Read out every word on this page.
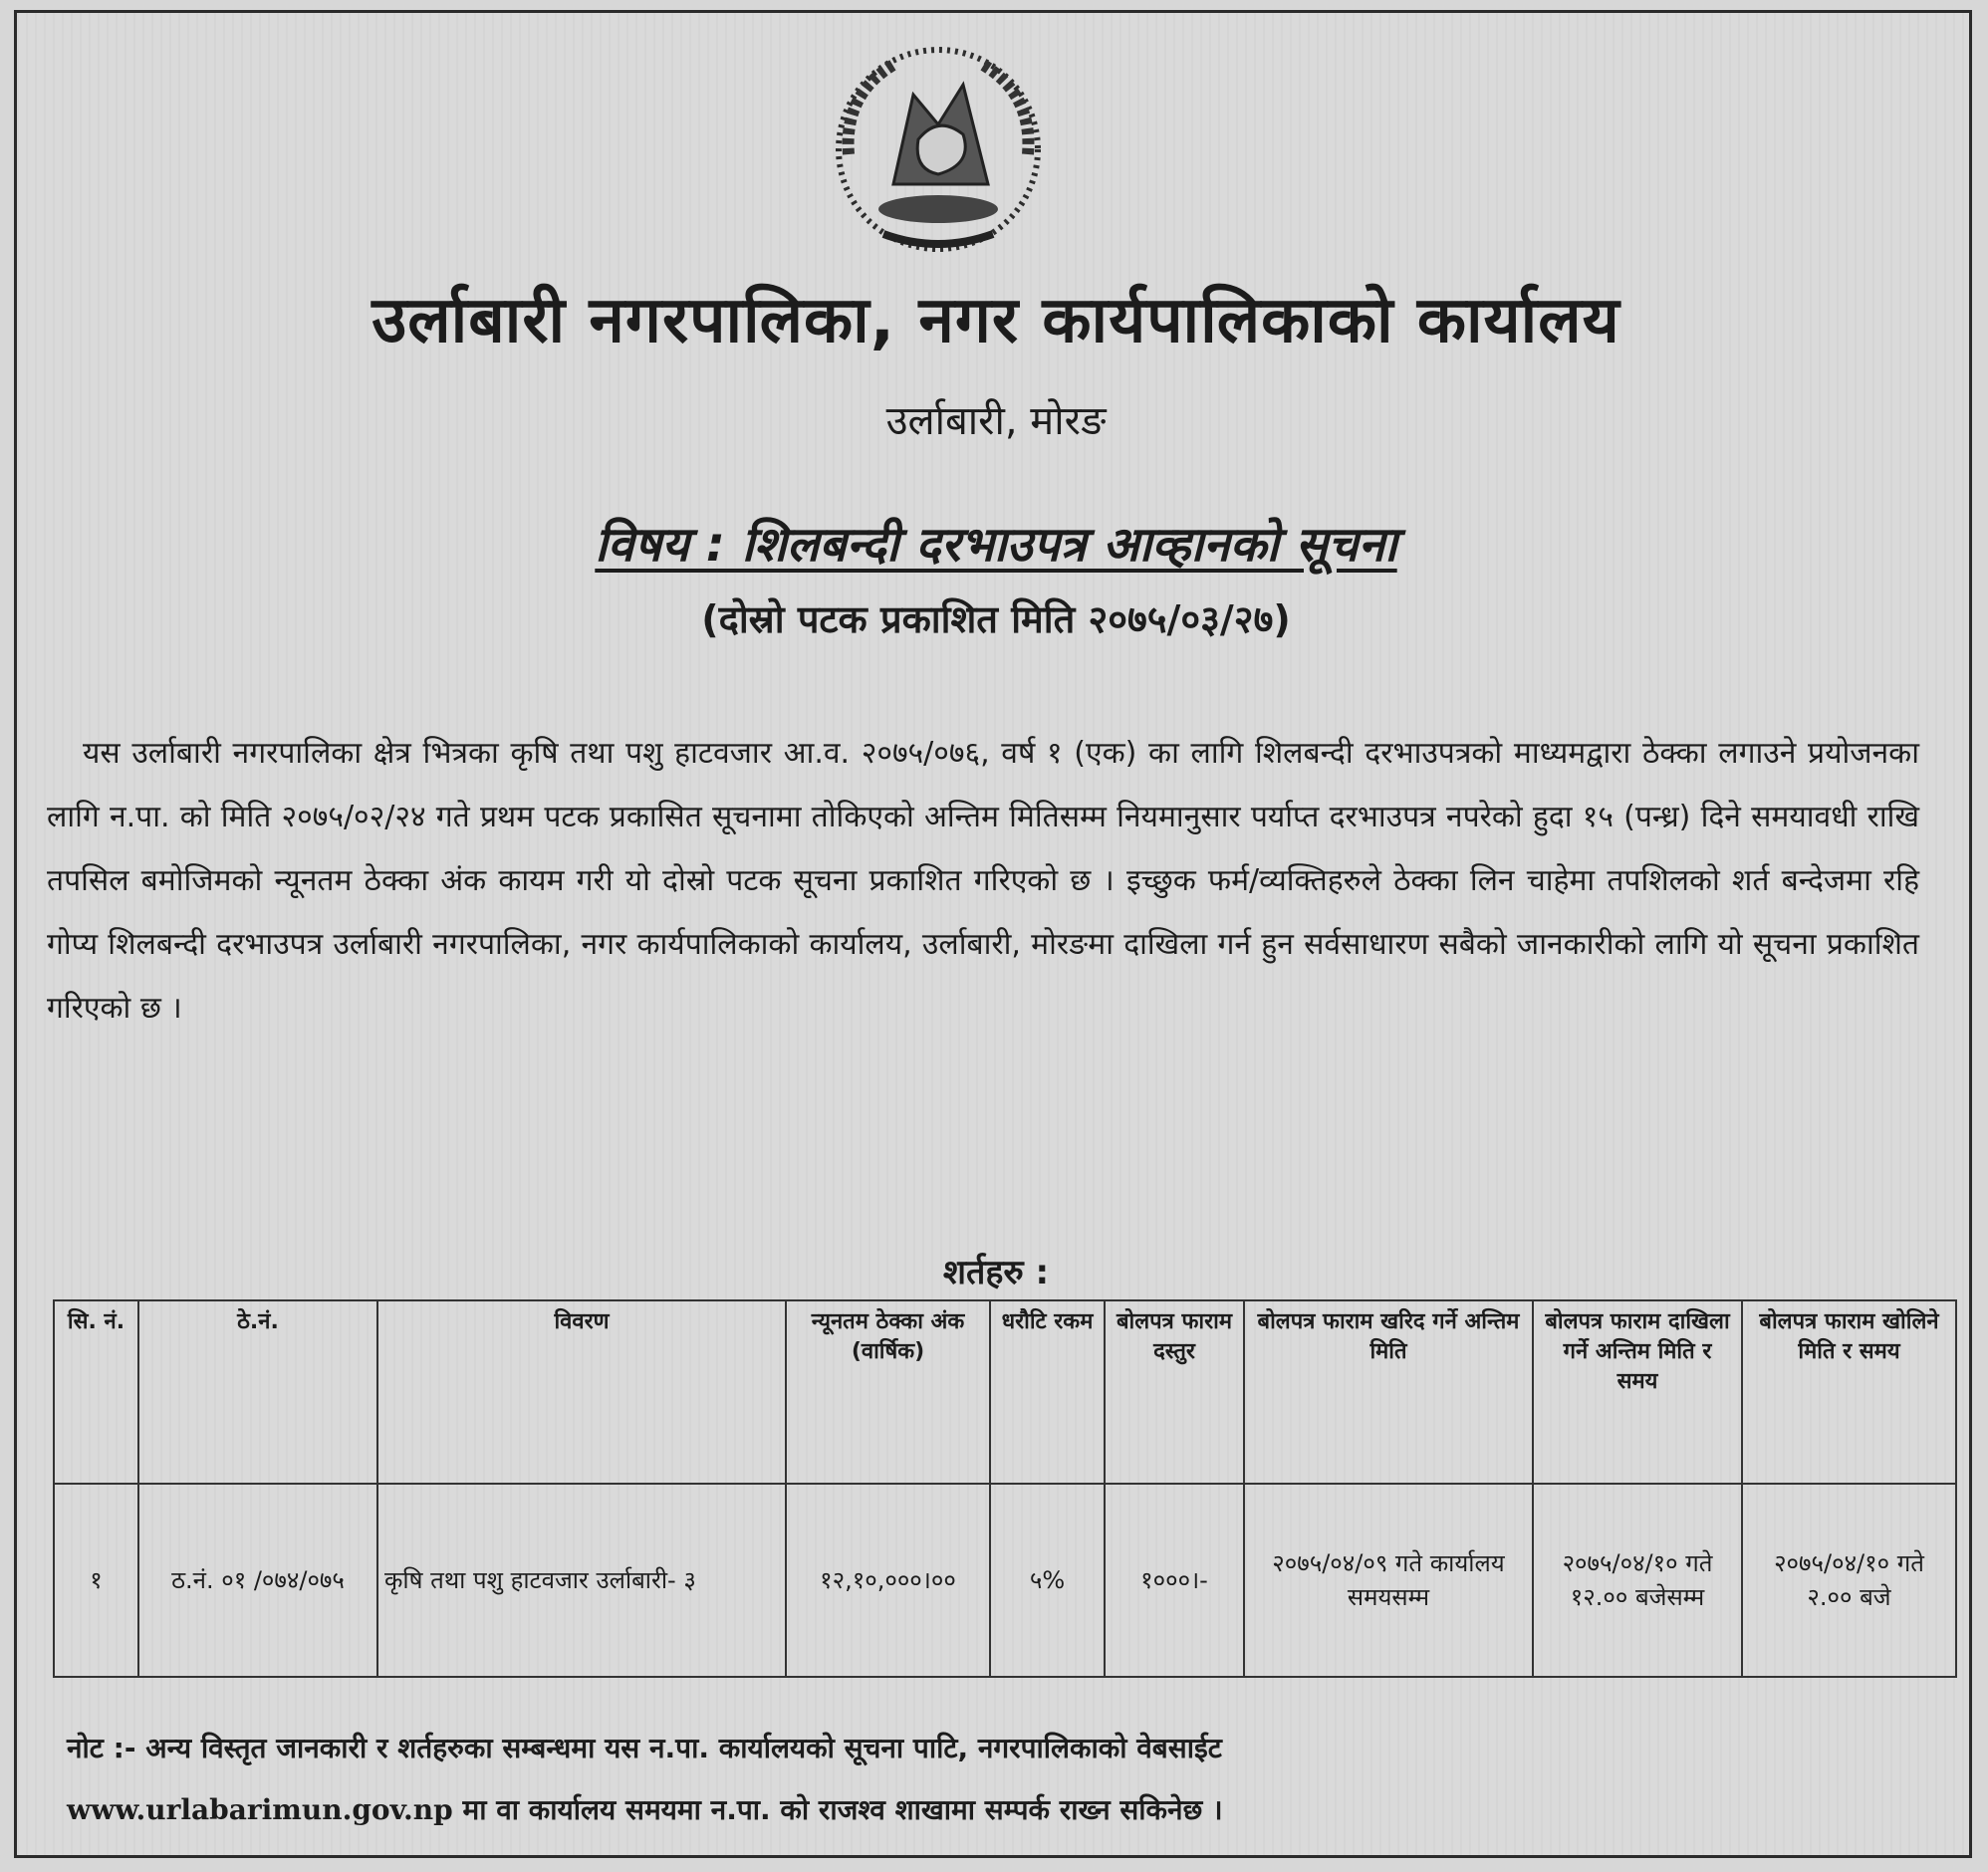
उर्लाबारी नगरपालिका, नगर कार्यपालिकाको कार्यालय
उर्लाबारी, मोरङ
विषय : शिलबन्दी दरभाउपत्र आव्हानको सूचना
(दोस्रो पटक प्रकाशित मिति २०७५/०३/२७)
यस उर्लाबारी नगरपालिका क्षेत्र भित्रका कृषि तथा पशु हाटवजार आ.व. २०७५/०७६, वर्ष १ (एक) का लागि शिलबन्दी दरभाउपत्रको माध्यमद्वारा ठेक्का लगाउने प्रयोजनका लागि न.पा. को मिति २०७५/०२/२४ गते प्रथम पटक प्रकासित सूचनामा तोकिएको अन्तिम मितिसम्म नियमानुसार पर्याप्त दरभाउपत्र नपरेको हुदा १५ (पन्ध्र) दिने समयावधी राखि तपसिल बमोजिमको न्यूनतम ठेक्का अंक कायम गरी यो दोस्रो पटक सूचना प्रकाशित गरिएको छ । इच्छुक फर्म/व्यक्तिहरुले ठेक्का लिन चाहेमा तपशिलको शर्त बन्देजमा रहि गोप्य शिलबन्दी दरभाउपत्र उर्लाबारी नगरपालिका, नगर कार्यपालिकाको कार्यालय, उर्लाबारी, मोरङमा दाखिला गर्न हुन सर्वसाधारण सबैको जानकारीको लागि यो सूचना प्रकाशित गरिएको छ ।
शर्तहरु :
सि. नं.	ठे.नं.	विवरण	न्यूनतम ठेक्का अंक (वार्षिक)	धरौटि रकम	बोलपत्र फाराम दस्तुर	बोलपत्र फाराम खरिद गर्ने अन्तिम मिति	बोलपत्र फाराम दाखिला गर्ने अन्तिम मिति र समय	बोलपत्र फाराम खोलिने मिति र समय
१	ठ.नं. ०१ /०७४/०७५	कृषि तथा पशु हाटवजार उर्लाबारी- ३	१२,१०,०००।००	५%	१०००।-	२०७५/०४/०९ गते कार्यालय समयसम्म	२०७५/०४/१० गते १२.०० बजेसम्म	२०७५/०४/१० गते २.०० बजे
नोट :- अन्य विस्तृत जानकारी र शर्तहरुका सम्बन्धमा यस न.पा. कार्यालयको सूचना पाटि, नगरपालिकाको वेबसाईट
www.urlabarimun.gov.np मा वा कार्यालय समयमा न.पा. को राजश्व शाखामा सम्पर्क राख्न सकिनेछ ।
